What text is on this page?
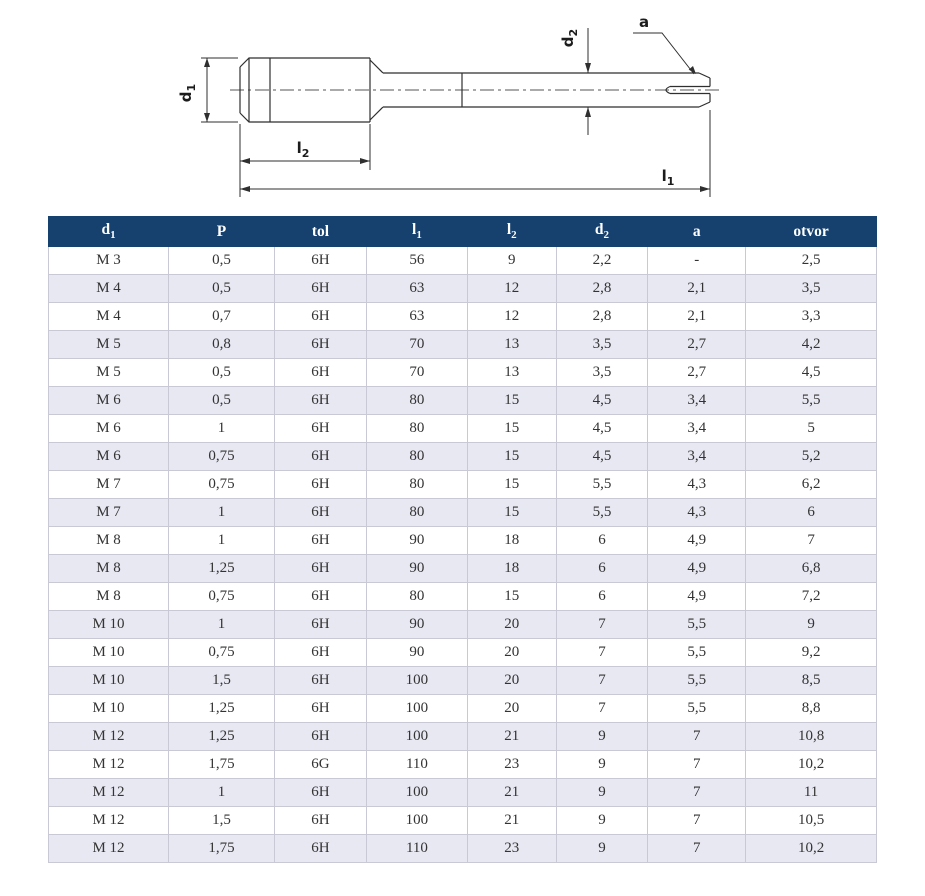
$d_1$
$l_2$
$l_1$
$d_2$
a
$d_1$	P	tol	$l_1$	$l_2$	$d_2$	a	otvor
M 3	0,5	6H	56	9	2,2	-	2,5
M 4	0,5	6H	63	12	2,8	2,1	3,5
M 4	0,7	6H	63	12	2,8	2,1	3,3
M 5	0,8	6H	70	13	3,5	2,7	4,2
M 5	0,5	6H	70	13	3,5	2,7	4,5
M 6	0,5	6H	80	15	4,5	3,4	5,5
M 6	1	6H	80	15	4,5	3,4	5
M 6	0,75	6H	80	15	4,5	3,4	5,2
M 7	0,75	6H	80	15	5,5	4,3	6,2
M 7	1	6H	80	15	5,5	4,3	6
M 8	1	6H	90	18	6	4,9	7
M 8	1,25	6H	90	18	6	4,9	6,8
M 8	0,75	6H	80	15	6	4,9	7,2
M 10	1	6H	90	20	7	5,5	9
M 10	0,75	6H	90	20	7	5,5	9,2
M 10	1,5	6H	100	20	7	5,5	8,5
M 10	1,25	6H	100	20	7	5,5	8,8
M 12	1,25	6H	100	21	9	7	10,8
M 12	1,75	6G	110	23	9	7	10,2
M 12	1	6H	100	21	9	7	11
M 12	1,5	6H	100	21	9	7	10,5
M 12	1,75	6H	110	23	9	7	10,2
